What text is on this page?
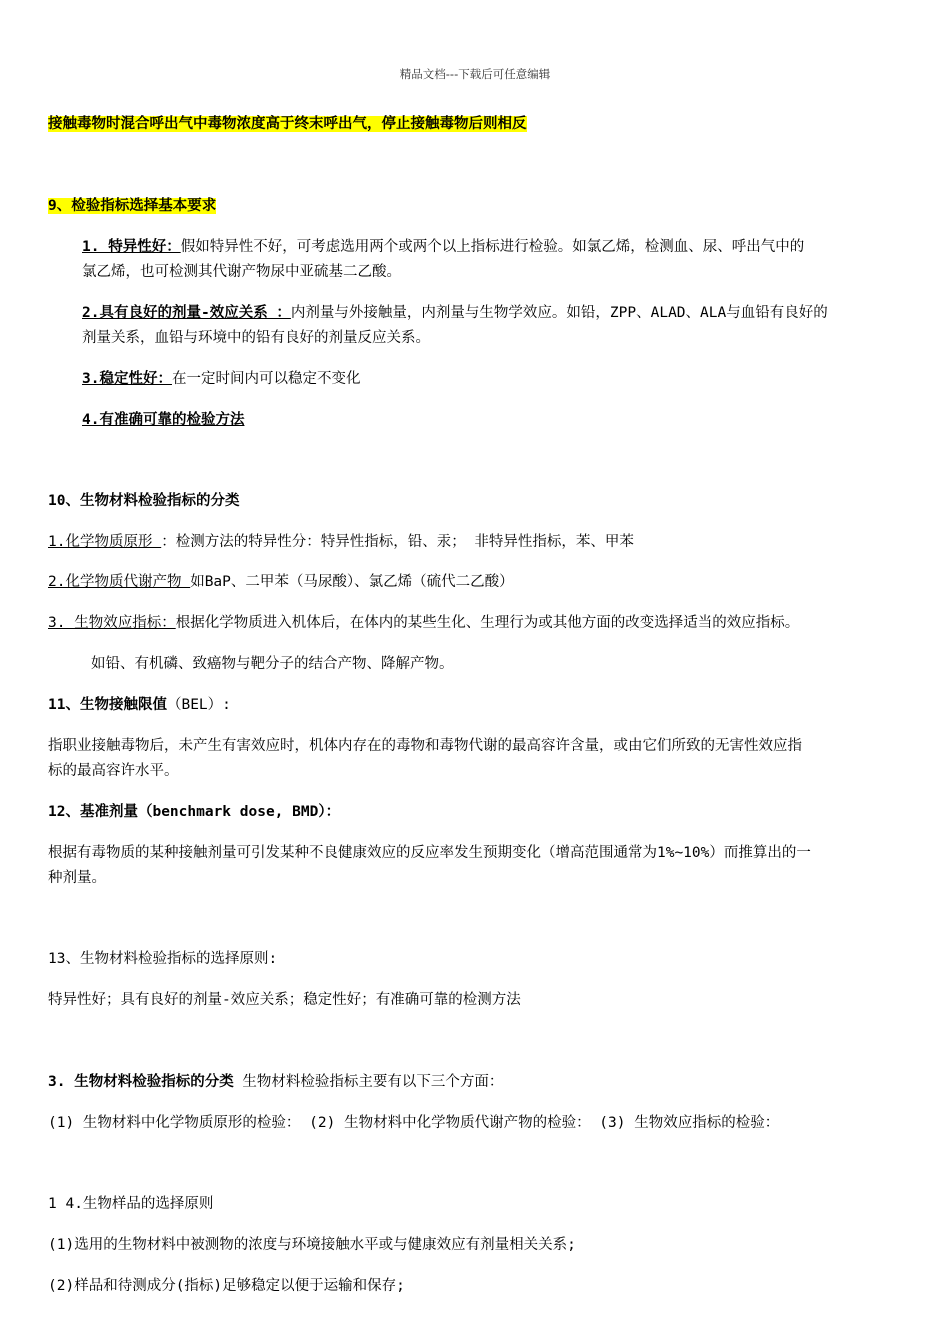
精品文档---下载后可任意编辑
接触毒物时混合呼出气中毒物浓度高于终末呼出气，停止接触毒物后则相反
9、检验指标选择基本要求
1. 特异性好：假如特异性不好，可考虑选用两个或两个以上指标进行检验。如氯乙烯，检测血、尿、呼出气中的
氯乙烯，也可检测其代谢产物尿中亚硫基二乙酸。
2.具有良好的剂量-效应关系 ：内剂量与外接触量，内剂量与生物学效应。如铅，ZPP、ALAD、ALA与血铅有良好的
剂量关系，血铅与环境中的铅有良好的剂量反应关系。
3.稳定性好：在一定时间内可以稳定不变化
4.有准确可靠的检验方法
10、生物材料检验指标的分类
1.化学物质原形 ：检测方法的特异性分：特异性指标，铅、汞； 非特异性指标，苯、甲苯
2.化学物质代谢产物 如BaP、二甲苯（马尿酸）、氯乙烯（硫代二乙酸）
3. 生物效应指标：根据化学物质进入机体后，在体内的某些生化、生理行为或其他方面的改变选择适当的效应指标。
如铅、有机磷、致癌物与靶分子的结合产物、降解产物。
11、生物接触限值（BEL）:
指职业接触毒物后，未产生有害效应时，机体内存在的毒物和毒物代谢的最高容许含量，或由它们所致的无害性效应指
标的最高容许水平。
12、基准剂量（benchmark dose, BMD）：
根据有毒物质的某种接触剂量可引发某种不良健康效应的反应率发生预期变化（增高范围通常为1%~10%）而推算出的一
种剂量。
13、生物材料检验指标的选择原则:
特异性好；具有良好的剂量-效应关系；稳定性好；有准确可靠的检测方法
3. 生物材料检验指标的分类 生物材料检验指标主要有以下三个方面：
(1) 生物材料中化学物质原形的检验： (2) 生物材料中化学物质代谢产物的检验： (3) 生物效应指标的检验：
1 4.生物样品的选择原则
(1)选用的生物材料中被测物的浓度与环境接触水平或与健康效应有剂量相关关系;
(2)样品和待测成分(指标)足够稳定以便于运输和保存;
